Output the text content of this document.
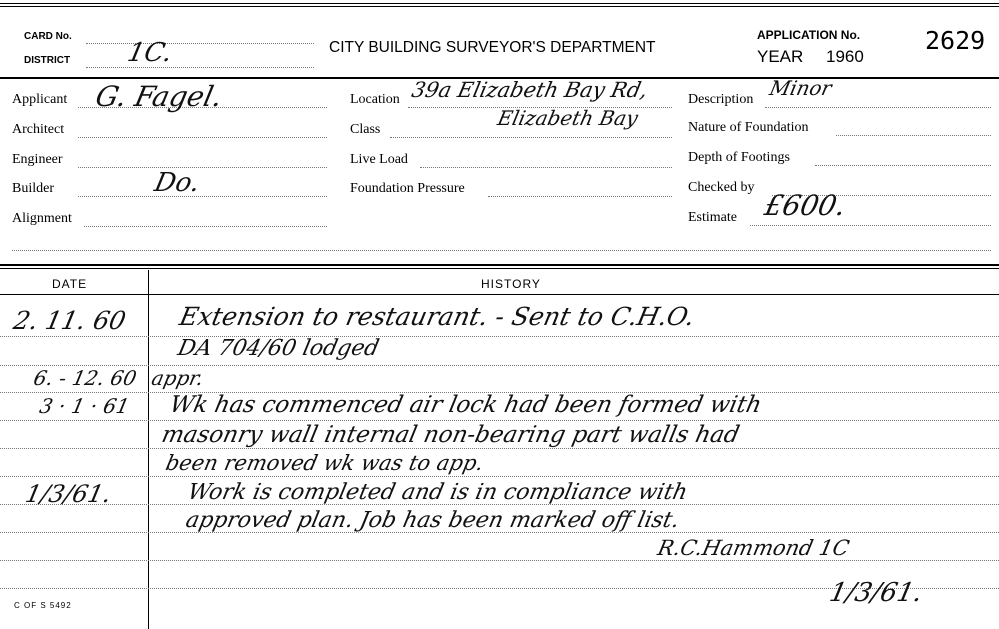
CARD No.
DISTRICT 1C.	CITY BUILDING SURVEYOR'S DEPARTMENT
APPLICATION No.
YEAR 1960
2629
Applicant G. Fagel.
Architect
Engineer
Builder	Do.
Alignment
Location 39a Elizabeth Bay Rd,
Elizabeth Bay
Class
Live Load
Foundation Pressure
Description Minor
Nature of Foundation
Depth of Footings
Checked by
Estimate £600.
DATE	HISTORY
2. 11. 60 Extension to restaurant. - Sent to C.H.O.
DA 704/60 lodged
6. - 12. 60 appr.
3 · 1 · 61 Wk has commenced air lock had been formed with
masonry wall internal non-bearing part walls had
been removed wk was to app.
1/3/61.	Work is completed and is in compliance with
approved plan. Job has been marked off list.
R.C.Hammond 1C
1/3/61.
C OF S 5492
